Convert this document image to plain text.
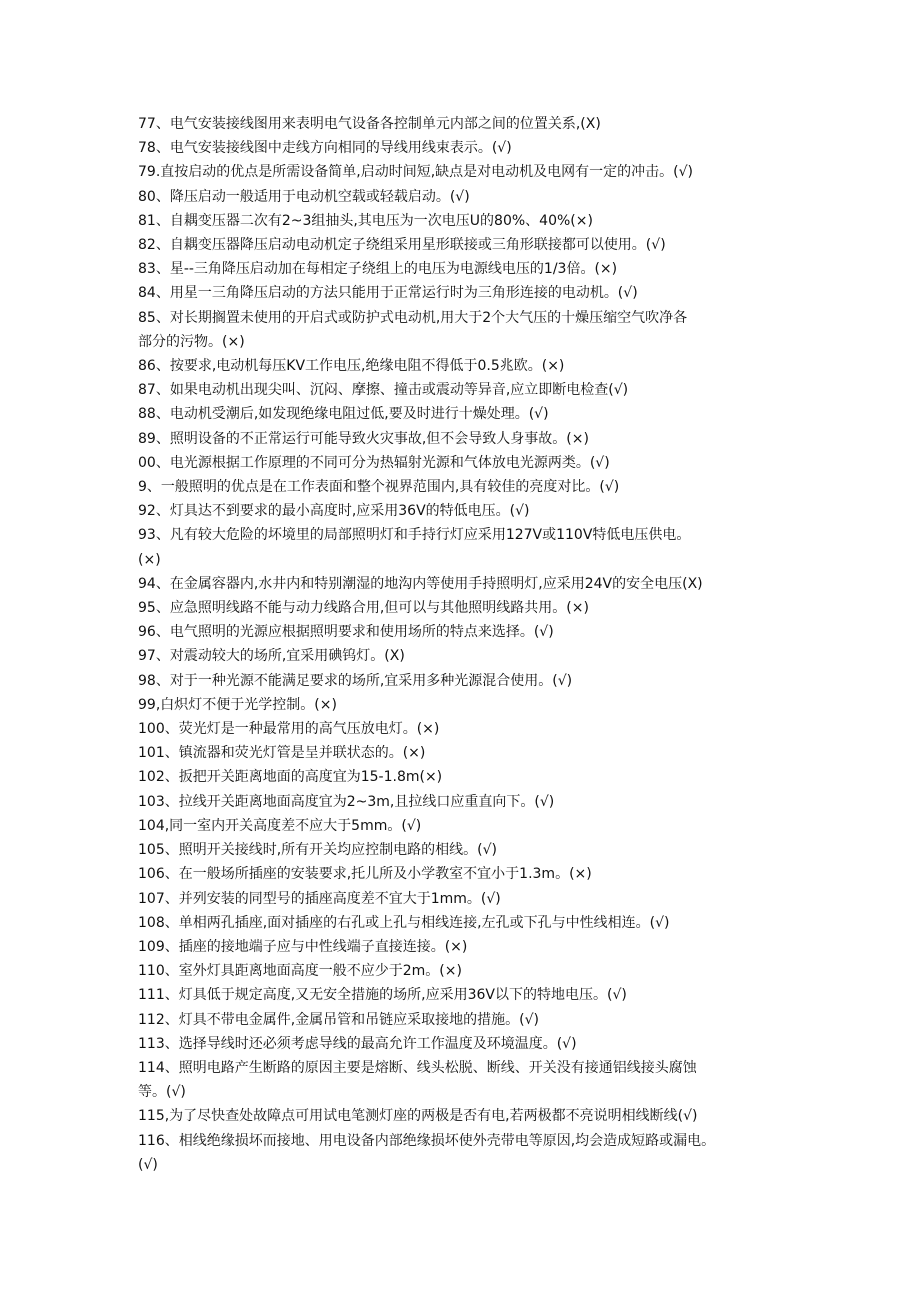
77、电气安装接线图用来表明电气设备各控制单元内部之间的位置关系,(X)
78、电气安装接线图中走线方向相同的导线用线束表示。(√)
79.直按启动的优点是所需设备简单,启动时间短,缺点是对电动机及电网有一定的冲击。(√)
80、降压启动一般适用于电动机空载或轻载启动。(√)
81、自耦变压器二次有2~3组抽头,其电压为一次电压U的80%、40%(×)
82、自耦变压器降压启动电动机定子绕组采用星形联接或三角形联接都可以使用。(√)
83、星--三角降压启动加在每相定子绕组上的电压为电源线电压的1/3倍。(×)
84、用星一三角降压启动的方法只能用于正常运行时为三角形连接的电动机。(√)
85、对长期搁置未使用的开启式或防护式电动机,用大于2个大气压的十燥压缩空气吹净各
部分的污物。(×)
86、按要求,电动机每压KV工作电压,绝缘电阻不得低于0.5兆欧。(×)
87、如果电动机出现尖叫、沉闷、摩擦、撞击或震动等异音,应立即断电检查(√)
88、电动机受潮后,如发现绝缘电阻过低,要及时进行十燥处理。(√)
89、照明设备的不正常运行可能导致火灾事故,但不会导致人身事故。(×)
00、电光源根据工作原理的不同可分为热辐射光源和气体放电光源两类。(√)
9、一般照明的优点是在工作表面和整个视界范围内,具有较佳的亮度对比。(√)
92、灯具达不到要求的最小高度时,应采用36V的特低电压。(√)
93、凡有较大危险的坏境里的局部照明灯和手持行灯应采用127V或110V特低电压供电。
(×)
94、在金属容器内,水井内和特别潮湿的地沟内等使用手持照明灯,应采用24V的安全电压(X)
95、应急照明线路不能与动力线路合用,但可以与其他照明线路共用。(×)
96、电气照明的光源应根据照明要求和使用场所的特点来选择。(√)
97、对震动较大的场所,宜采用碘钨灯。(X)
98、对于一种光源不能满足要求的场所,宜采用多种光源混合使用。(√)
99,白炽灯不便于光学控制。(×)
100、荧光灯是一种最常用的高气压放电灯。(×)
101、镇流器和荧光灯管是呈并联状态的。(×)
102、扳把开关距离地面的高度宜为15-1.8m(×)
103、拉线开关距离地面高度宜为2~3m,且拉线口应重直向下。(√)
104,同一室内开关高度差不应大于5mm。(√)
105、照明开关接线时,所有开关均应控制电路的相线。(√)
106、在一般场所插座的安装要求,托儿所及小学教室不宜小于1.3m。(×)
107、并列安装的同型号的插座高度差不宜大于1mm。(√)
108、单相两孔插座,面对插座的右孔或上孔与相线连接,左孔或下孔与中性线相连。(√)
109、插座的接地端子应与中性线端子直接连接。(×)
110、室外灯具距离地面高度一般不应少于2m。(×)
111、灯具低于规定高度,又无安全措施的场所,应采用36V以下的特地电压。(√)
112、灯具不带电金属件,金属吊管和吊链应采取接地的措施。(√)
113、选择导线时还必须考虑导线的最高允许工作温度及环境温度。(√)
114、照明电路产生断路的原因主要是熔断、线头松脱、断线、开关没有接通铝线接头腐蚀
等。(√)
115,为了尽快查处故障点可用试电笔测灯座的两极是否有电,若两极都不亮说明相线断线(√)
116、相线绝缘损坏而接地、用电设备内部绝缘损坏使外壳带电等原因,均会造成短路或漏电。
(√)
